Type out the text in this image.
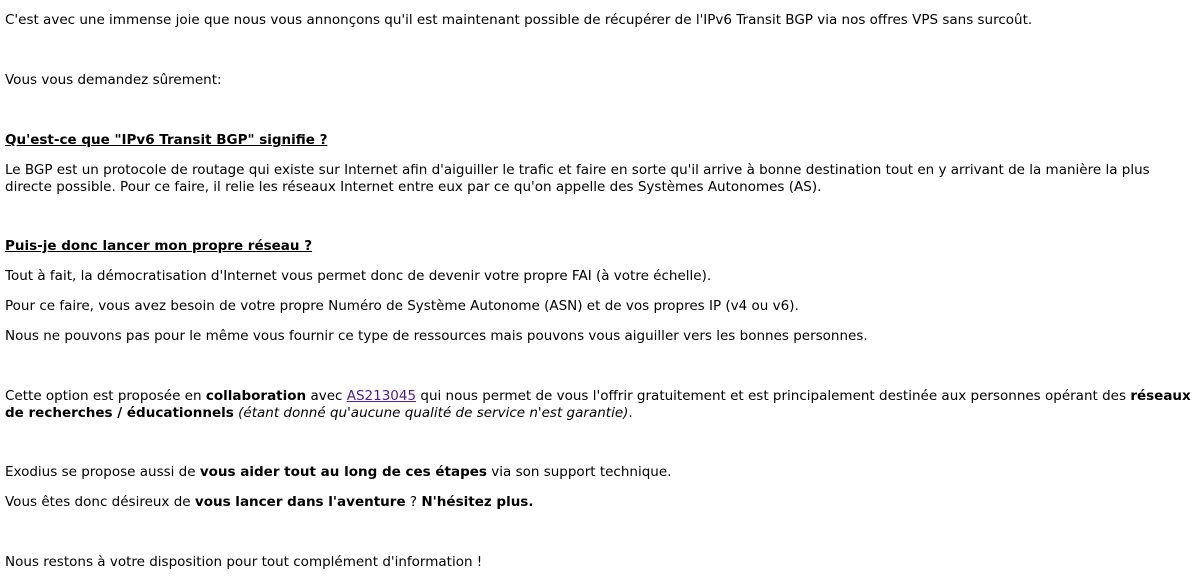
C'est avec une immense joie que nous vous annonçons qu'il est maintenant possible de récupérer de l'IPv6 Transit BGP via nos offres VPS sans surcoût.

Vous vous demandez sûrement:

Qu'est-ce que "IPv6 Transit BGP" signifie ?

Le BGP est un protocole de routage qui existe sur Internet afin d'aiguiller le trafic et faire en sorte qu'il arrive à bonne destination tout en y arrivant de la manière la plus directe possible. Pour ce faire, il relie les réseaux Internet entre eux par ce qu'on appelle des Systèmes Autonomes (AS).

Puis-je donc lancer mon propre réseau ?

Tout à fait, la démocratisation d'Internet vous permet donc de devenir votre propre FAI (à votre échelle).

Pour ce faire, vous avez besoin de votre propre Numéro de Système Autonome (ASN) et de vos propres IP (v4 ou v6).

Nous ne pouvons pas pour le même vous fournir ce type de ressources mais pouvons vous aiguiller vers les bonnes personnes.

Cette option est proposée en collaboration avec AS213045 qui nous permet de vous l'offrir gratuitement et est principalement destinée aux personnes opérant des réseaux de recherches / éducationnels (étant donné qu'aucune qualité de service n'est garantie).

Exodius se propose aussi de vous aider tout au long de ces étapes via son support technique.

Vous êtes donc désireux de vous lancer dans l'aventure ? N'hésitez plus.

Nous restons à votre disposition pour tout complément d'information !
